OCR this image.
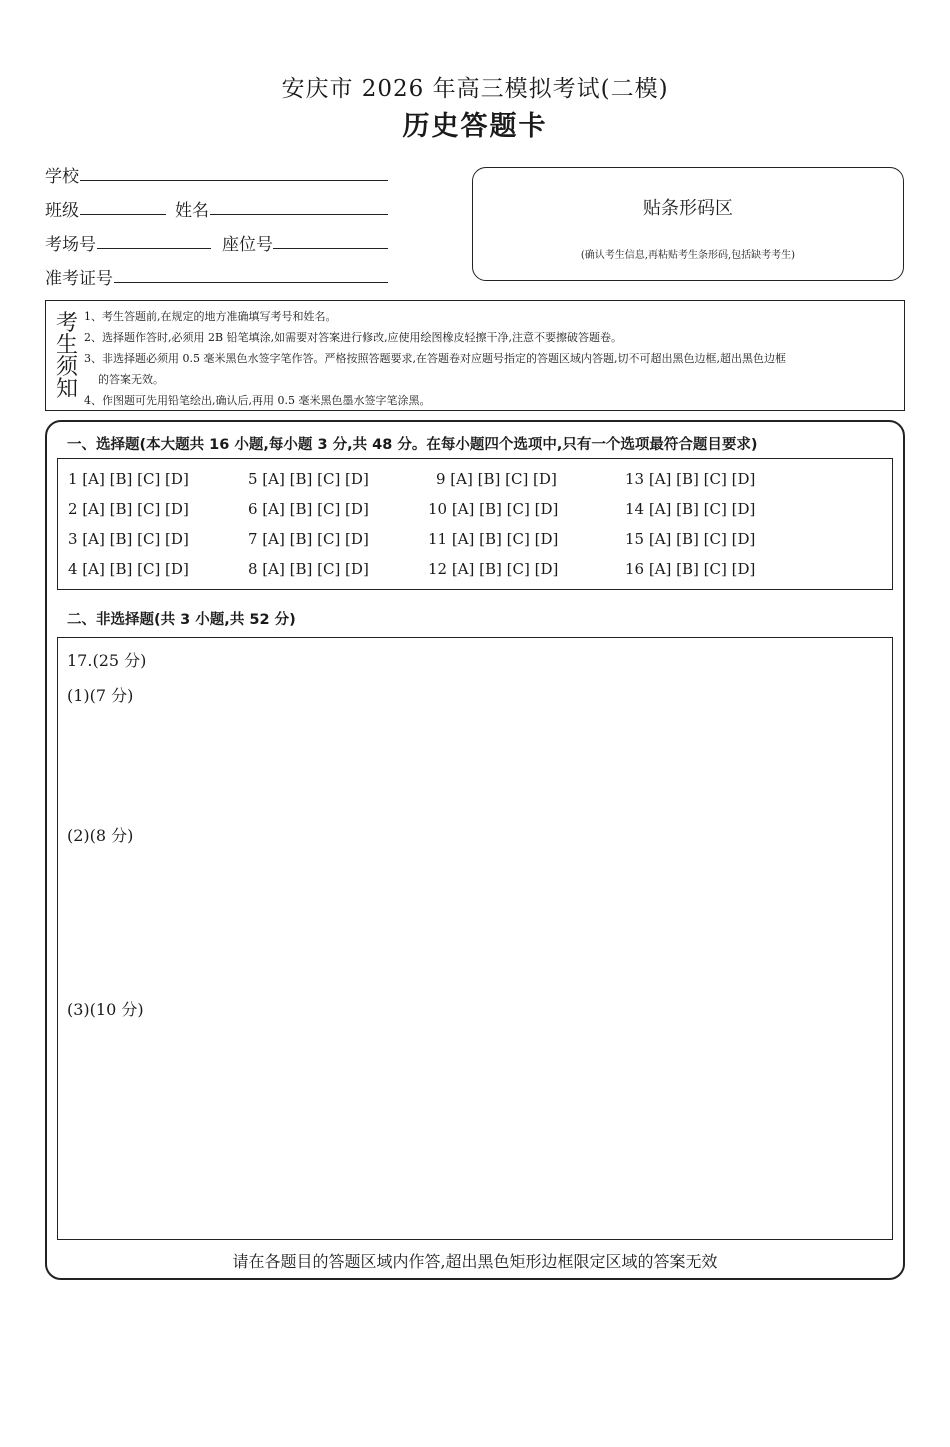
安庆市 2026 年高三模拟考试(二模)
历史答题卡
学校
班级	姓名
考场号	座位号
准考证号
贴条形码区
(确认考生信息,再粘贴考生条形码,包括缺考考生)
考
生
须
知
1、考生答题前,在规定的地方准确填写考号和姓名。
2、选择题作答时,必须用 2B 铅笔填涂,如需要对答案进行修改,应使用绘图橡皮轻擦干净,注意不要擦破答题卷。
3、非选择题必须用 0.5 毫米黑色水签字笔作答。严格按照答题要求,在答题卷对应题号指定的答题区域内答题,切不可超出黑色边框,超出黑色边框
的答案无效。
4、作图题可先用铅笔绘出,确认后,再用 0.5 毫米黑色墨水签字笔涂黑。
一、选择题(本大题共 16 小题,每小题 3 分,共 48 分。在每小题四个选项中,只有一个选项最符合题目要求)
1 [A] [B] [C] [D]
2 [A] [B] [C] [D]
3 [A] [B] [C] [D]
4 [A] [B] [C] [D]
5 [A] [B] [C] [D]
6 [A] [B] [C] [D]
7 [A] [B] [C] [D]
8 [A] [B] [C] [D]
9 [A] [B] [C] [D]
10 [A] [B] [C] [D]
11 [A] [B] [C] [D]
12 [A] [B] [C] [D]
13 [A] [B] [C] [D]
14 [A] [B] [C] [D]
15 [A] [B] [C] [D]
16 [A] [B] [C] [D]
二、非选择题(共 3 小题,共 52 分)
17.(25 分)
(1)(7 分)
(2)(8 分)
(3)(10 分)
请在各题目的答题区域内作答,超出黑色矩形边框限定区域的答案无效
